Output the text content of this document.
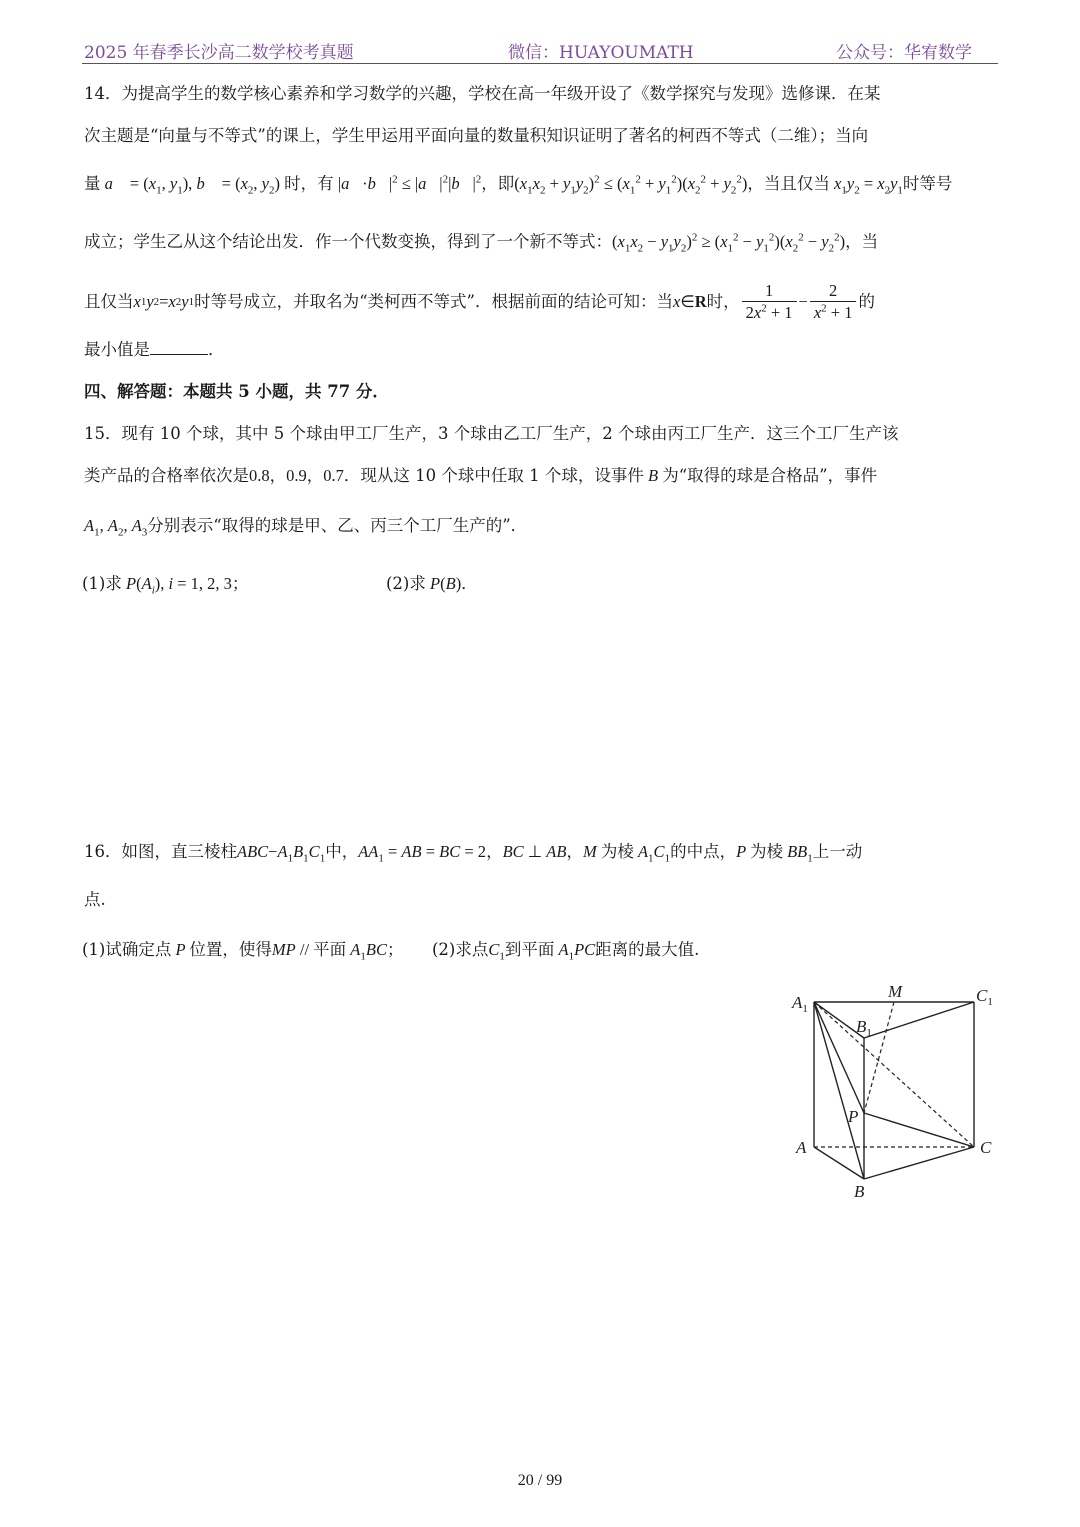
2025 年春季长沙高二数学校考真题	微信：HUAYOUMATH	公众号：华宥数学
14．为提高学生的数学核心素养和学习数学的兴趣，学校在高一年级开设了《数学探究与发现》选修课．在某
次主题是“向量与不等式”的课上，学生甲运用平面向量的数量积知识证明了著名的柯西不等式（二维）；当向
量 a⃗ = ($x_1$, $y_1$), b⃗ = ($x_2$, $y_2$) 时，有 $|a⃗\cdot b⃗|^2$ ≤ $|a⃗|^2|b⃗|^2$，即$(x_1x_2 + y_1y_2)^2 \le (x_1^2 + y_1^2)(x_2^2 + y_2^2)$，当且仅当 $x_1y_2 = x_2y_1$时等号
成立；学生乙从这个结论出发．作一个代数变换，得到了一个新不等式：$(x_1x_2 - y_1y_2)^2 \ge (x_1^2 - y_1^2)(x_2^2 - y_2^2)$，当
且仅当 x 1 y 2 = x 2 y 1 时等号成立，并取名为“类柯西不等式”．根据前面的结论可知：当 x ∈ R 时， $\frac{1}{2x^2 + 1} - \frac{2}{x^2 + 1}$ 的
最小值是	．
四、解答题：本题共 5 小题，共 77 分．
15．现有 10 个球，其中 5 个球由甲工厂生产，3 个球由乙工厂生产，2 个球由丙工厂生产．这三个工厂生产该
类产品的合格率依次是0.8，0.9，0.7．现从这 10 个球中任取 1 个球，设事件 B 为“取得的球是合格品”，事件
$A_1$, $A_2$, $A_3$分别表示“取得的球是甲、乙、丙三个工厂生产的”．
(1)求 $P(A_i)$, i = 1, 2, 3；	(2)求 P(B)．
16．如图，直三棱柱$ABC-A_1B_1C_1$中，$AA_1$ = AB = BC = 2，BC ⊥ AB，M 为棱 $A_1C_1$的中点，P 为棱 $BB_1$上一动
点.
(1)试确定点 P 位置，使得MP // 平面 $A_1BC$； (2)求点$C_1$到平面 $A_1PC$距离的最大值.
$A_1$
M	$C_1$
$B_1$
P
A	C
B
20 / 99
